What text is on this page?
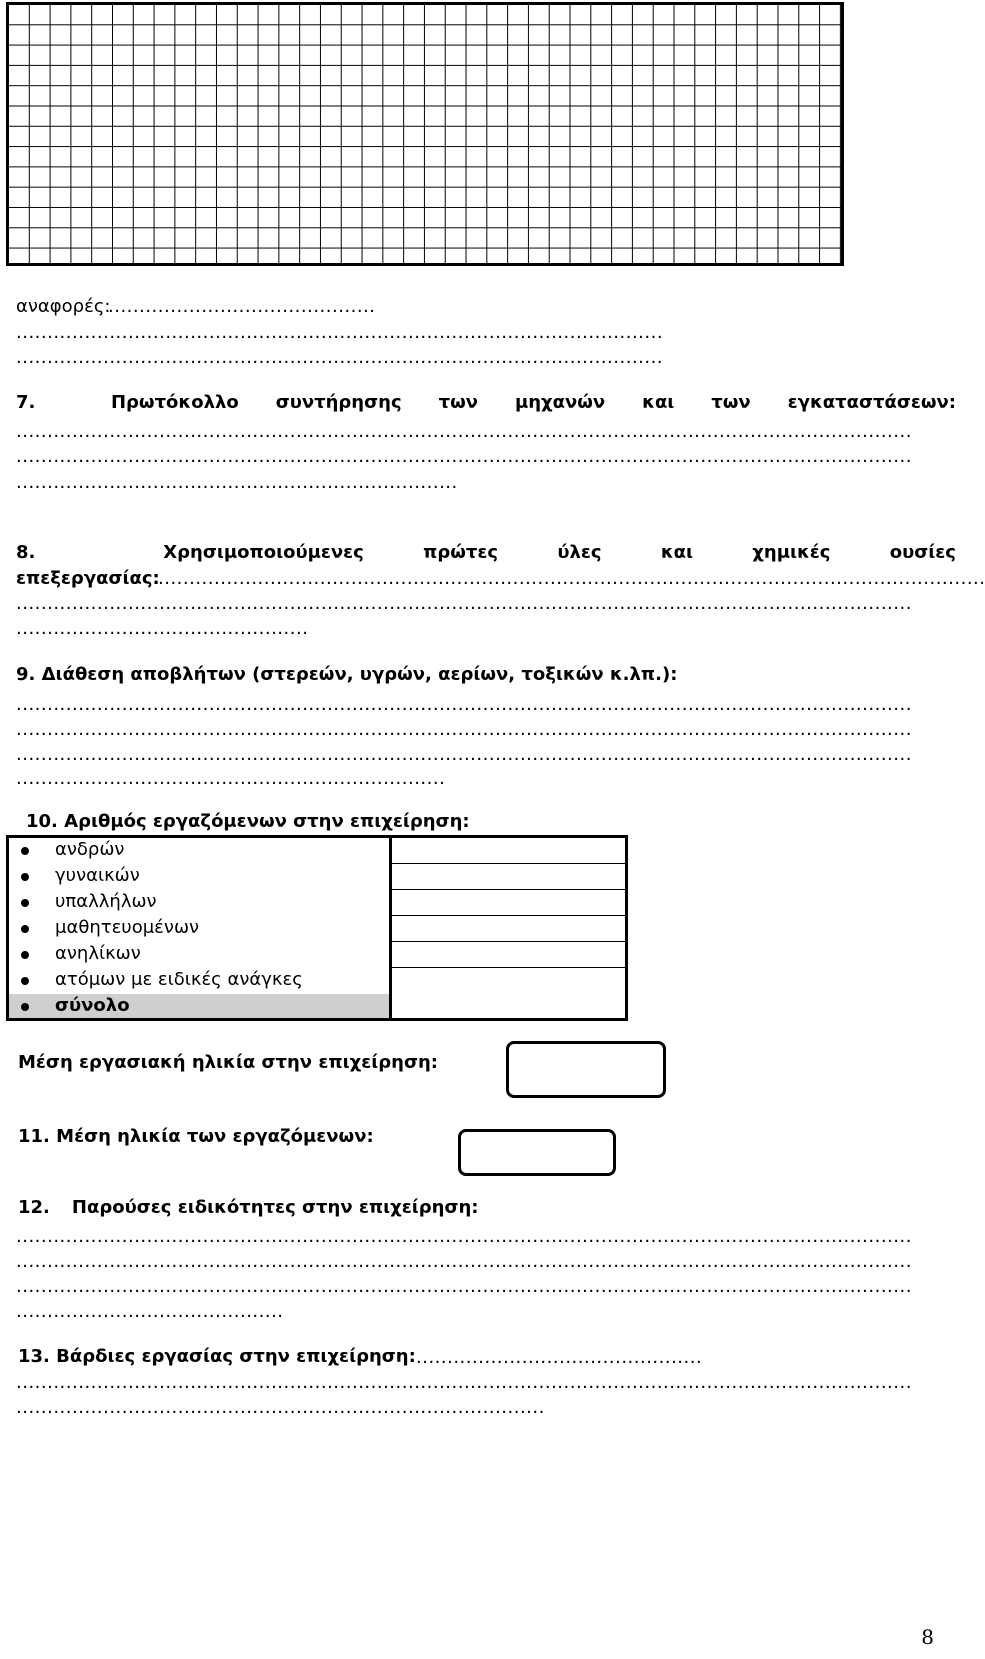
αναφορές:
...........................................
........................................................................................................
........................................................................................................
7.	Πρωτόκολλο συντήρησης των μηχανών και των εγκαταστάσεων:
................................................................................................................................................
................................................................................................................................................
.......................................................................
8.	Χρησιμοποιούμενες	πρώτες	ύλες	και	χημικές	ουσίες
επεξεργασίας:
.....................................................................................................................................
................................................................................................................................................
...............................................
9. Διάθεση αποβλήτων (στερεών, υγρών, αερίων, τοξικών κ.λπ.):
................................................................................................................................................
................................................................................................................................................
................................................................................................................................................
.....................................................................
10. Αριθμός εργαζόμενων στην επιχείρηση:
ανδρών
γυναικών
υπαλλήλων
μαθητευομένων
ανηλίκων
ατόμων με ειδικές ανάγκες
σύνολο
Μέση εργασιακή ηλικία στην επιχείρηση:
11. Μέση ηλικία των εργαζόμενων:
12. Παρούσες ειδικότητες στην επιχείρηση:
................................................................................................................................................
................................................................................................................................................
................................................................................................................................................
...........................................
13. Βάρδιες εργασίας στην επιχείρηση: ..............................................
................................................................................................................................................
.....................................................................................
8
